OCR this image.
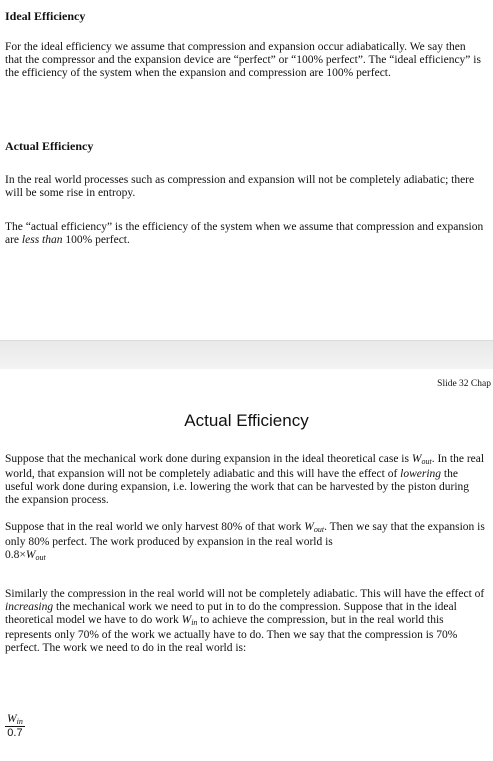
Ideal Efficiency

For the ideal efficiency we assume that compression and expansion occur adiabatically. We say then that the compressor and the expansion device are “perfect” or “100% perfect”. The “ideal efficiency” is the efficiency of the system when the expansion and compression are 100% perfect.

Actual Efficiency

In the real world processes such as compression and expansion will not be completely adiabatic; there will be some rise in entropy.

The “actual efficiency” is the efficiency of the system when we assume that compression and expansion are less than 100% perfect.

Slide 32 Chap
Actual Efficiency

Suppose that the mechanical work done during expansion in the ideal theoretical case is $W_{out}$. In the real world, that expansion will not be completely adiabatic and this will have the effect of lowering the useful work done during expansion, i.e. lowering the work that can be harvested by the piston during the expansion process.

Suppose that in the real world we only harvest 80% of that work $W_{out}$. Then we say that the expansion is only 80% perfect. The work produced by expansion in the real world is
$0.8\times W_{out}$

Similarly the compression in the real world will not be completely adiabatic. This will have the effect of increasing the mechanical work we need to put in to do the compression. Suppose that in the ideal theoretical model we have to do work $W_{in}$ to achieve the compression, but in the real world this represents only 70% of the work we actually have to do. Then we say that the compression is 70% perfect. The work we need to do in the real world is:

$W_{in}$
0.7
